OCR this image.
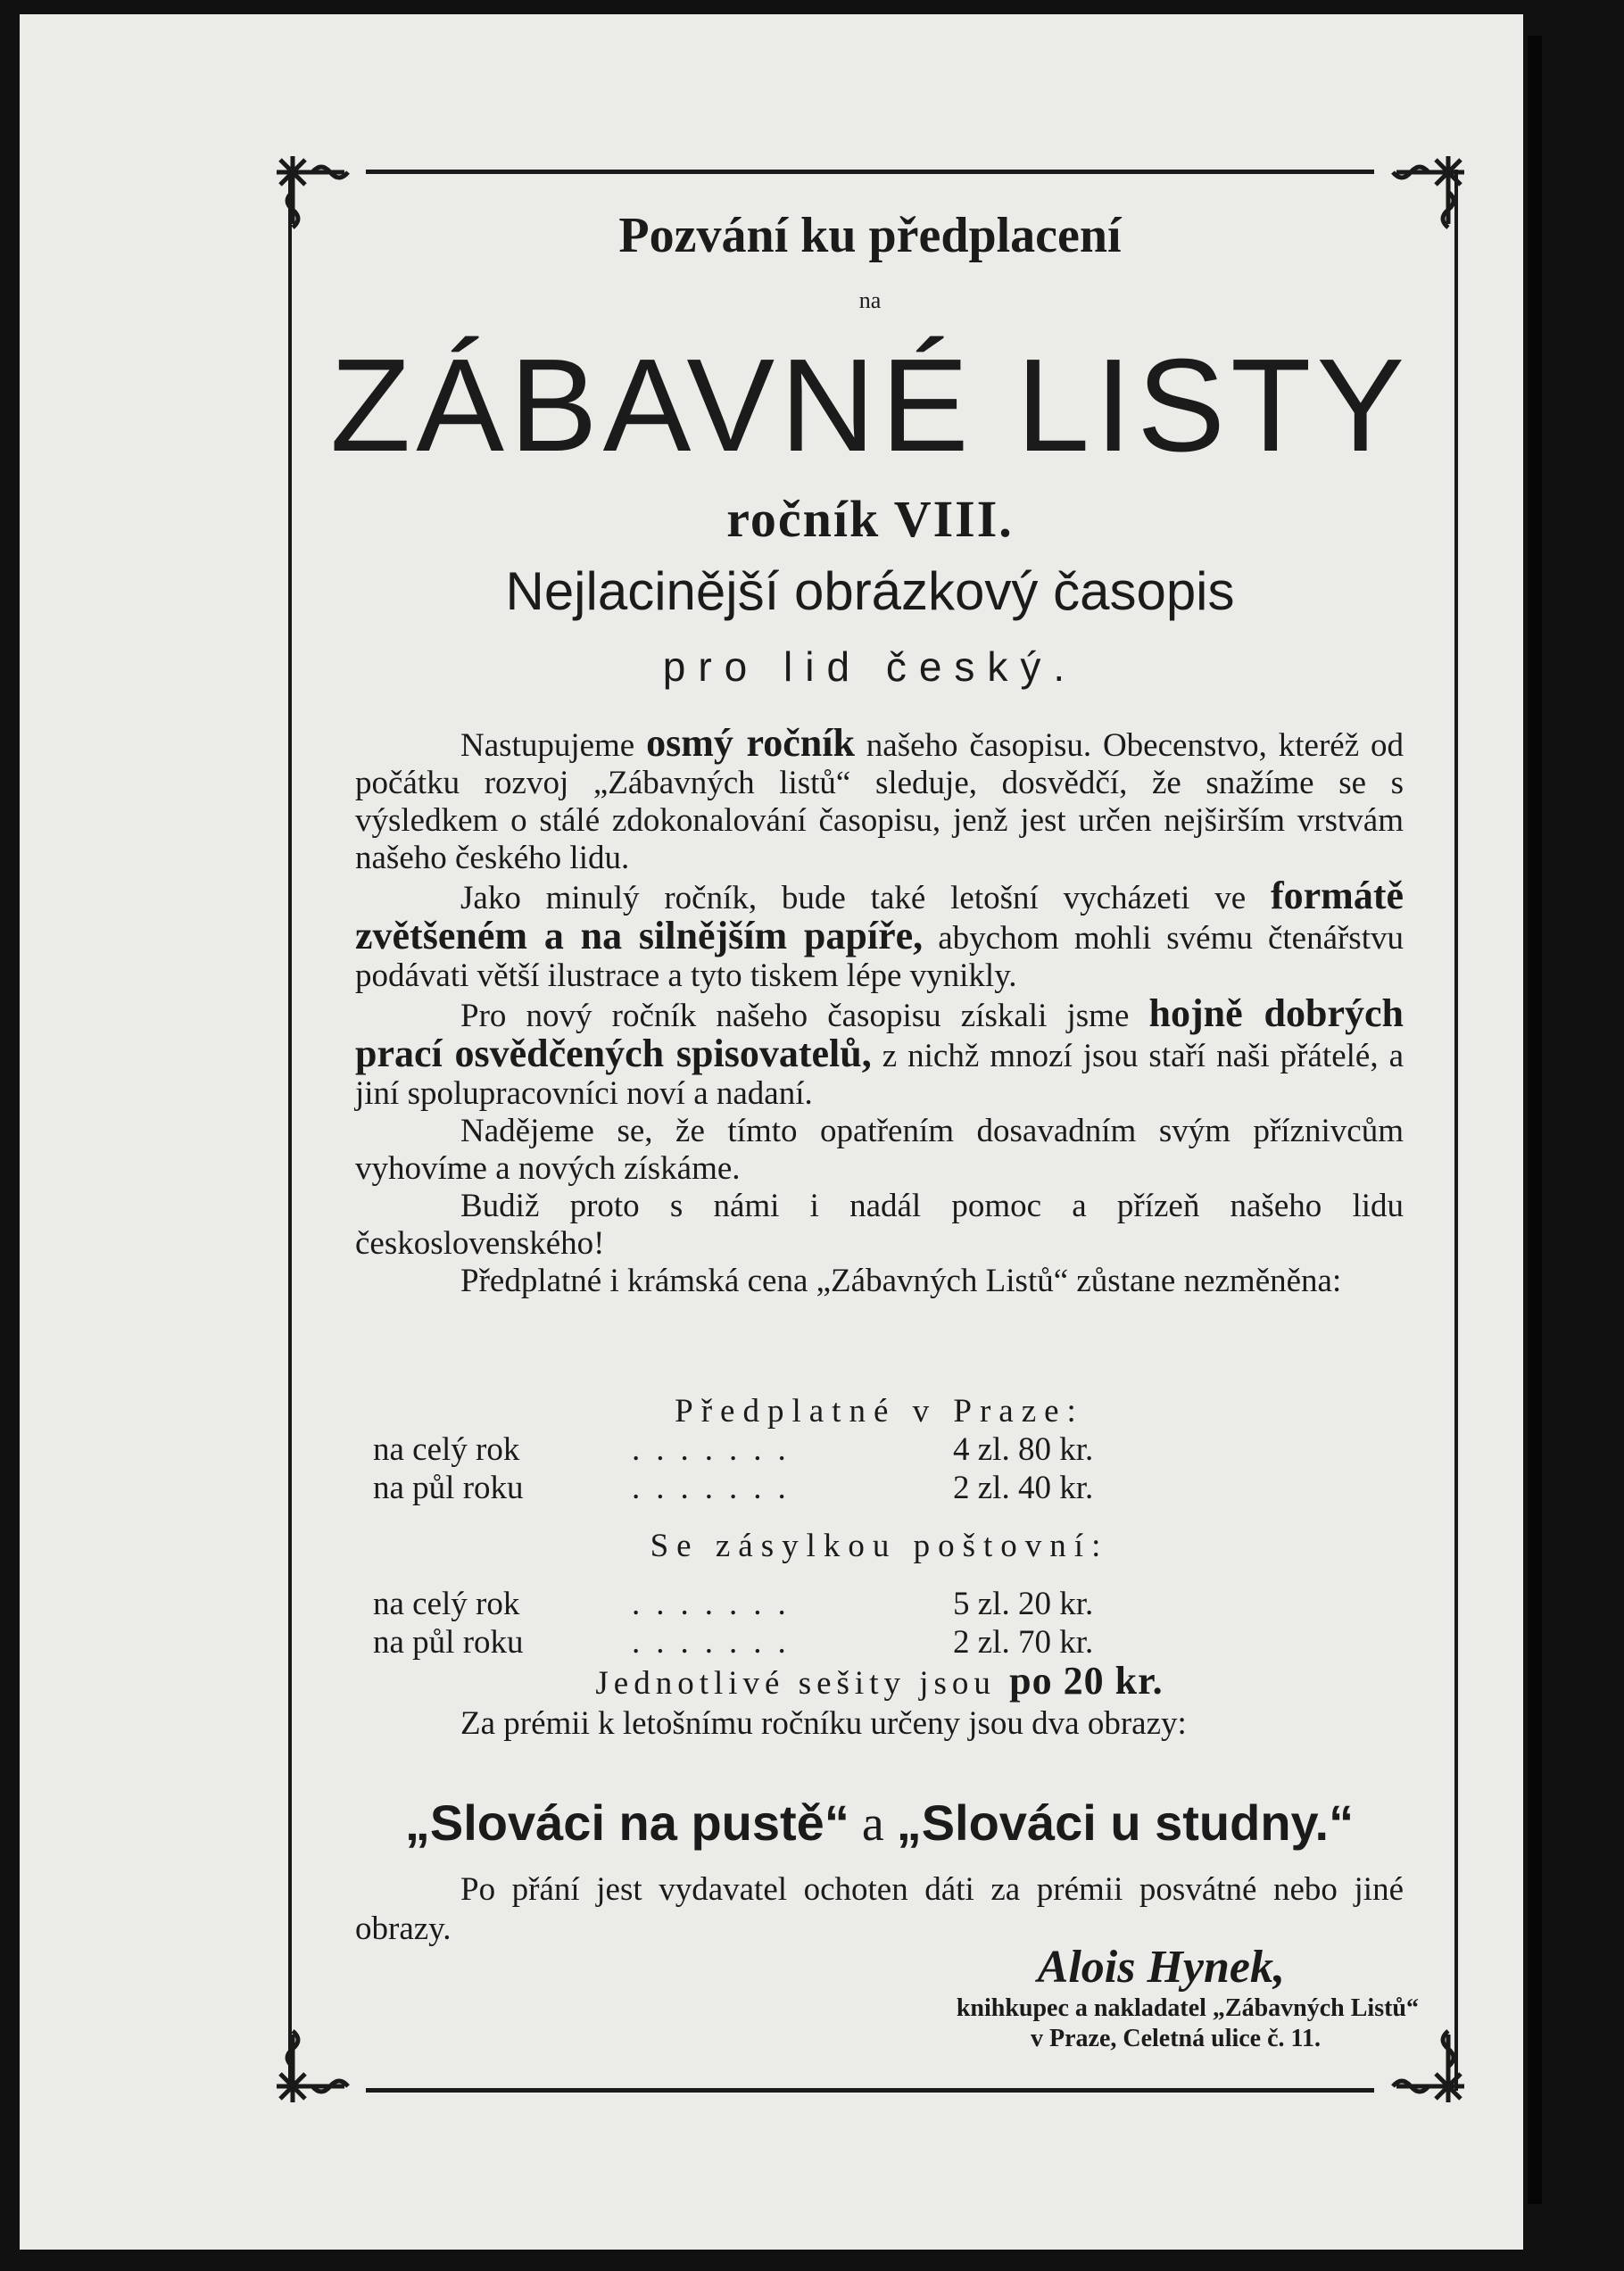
Pozvání ku předplacení
na
ZÁBAVNÉ LISTY
ročník VIII.
Nejlacinější obrázkový časopis
pro lid český.

Nastupujeme osmý ročník našeho časopisu. Obecenstvo, kteréž od počátku rozvoj „Zábavných listů“ sleduje, dosvědčí, že snažíme se s výsledkem o stálé zdokonalování časopisu, jenž jest určen nejširším vrstvám našeho českého lidu.

Jako minulý ročník, bude také letošní vycházeti ve formátě zvětšeném a na silnějším papíře, abychom mohli svému čtenářstvu podávati větší ilustrace a tyto tiskem lépe vynikly.

Pro nový ročník našeho časopisu získali jsme hojně dobrých prací osvědčených spisovatelů, z nichž mnozí jsou staří naši přátelé, a jiní spolupracovníci noví a nadaní.

Nadějeme se, že tímto opatřením dosavadním svým příznivcům vyhovíme a nových získáme.

Budiž proto s námi i nadál pomoc a přízeň našeho lidu československého!

Předplatné i krámská cena „Zábavných Listů“ zůstane nezměněna:

Předplatné v Praze:
na celý rok	.......	4 zl. 80 kr.
na půl roku	.......	2 zl. 40 kr.
Se zásylkou poštovní:
na celý rok	.......	5 zl. 20 kr.
na půl roku	.......	2 zl. 70 kr.
Jednotlivé sešity jsou po 20 kr.

Za prémii k letošnímu ročníku určeny jsou dva obrazy:

„Slováci na pustě“ a „Slováci u studny.“

Po přání jest vydavatel ochoten dáti za prémii posvátné nebo jiné obrazy.

Alois Hynek,
knihkupec a nakladatel „Zábavných Listů“
v Praze, Celetná ulice č. 11.
